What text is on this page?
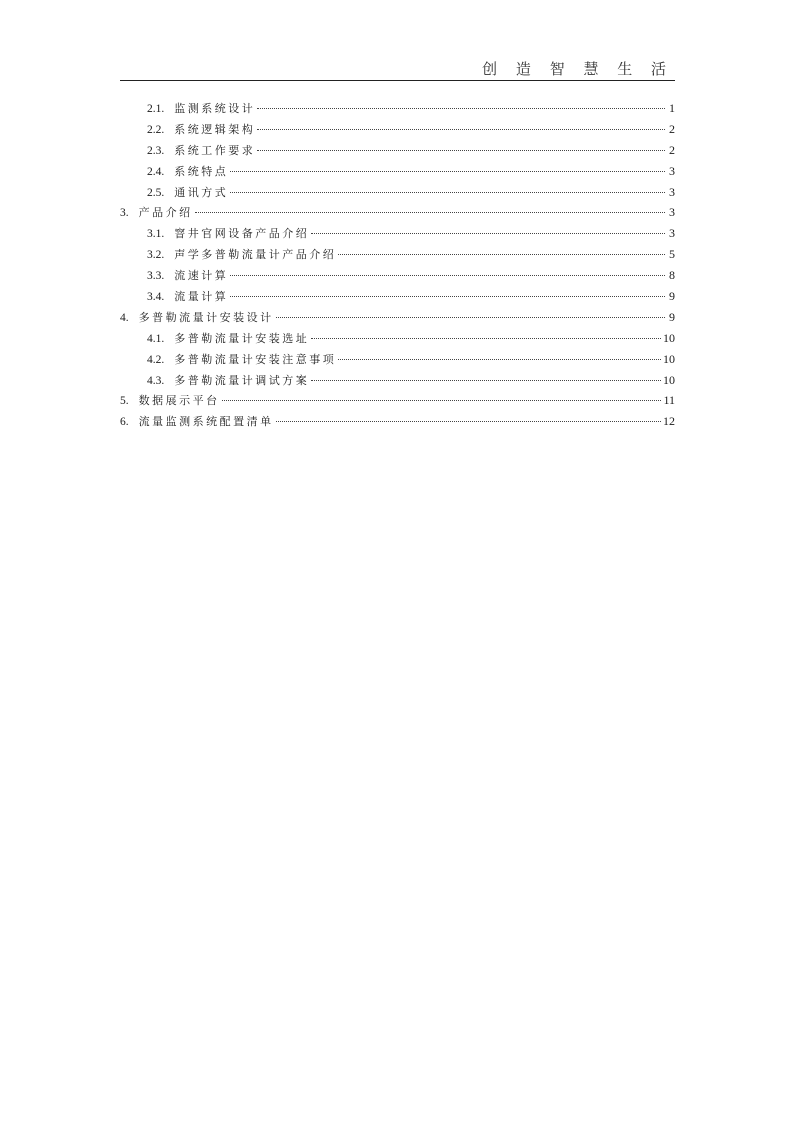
创 造 智 慧 生 活
2.1. 监测系统设计	1
2.2. 系统逻辑架构	2
2.3. 系统工作要求	2
2.4. 系统特点	3
2.5. 通讯方式	3
3. 产品介绍	3
3.1. 窨井官网设备产品介绍	3
3.2. 声学多普勒流量计产品介绍	5
3.3. 流速计算	8
3.4. 流量计算	9
4. 多普勒流量计安装设计	9
4.1. 多普勒流量计安装选址	10
4.2. 多普勒流量计安装注意事项	10
4.3. 多普勒流量计调试方案	10
5. 数据展示平台	11
6. 流量监测系统配置清单	12
